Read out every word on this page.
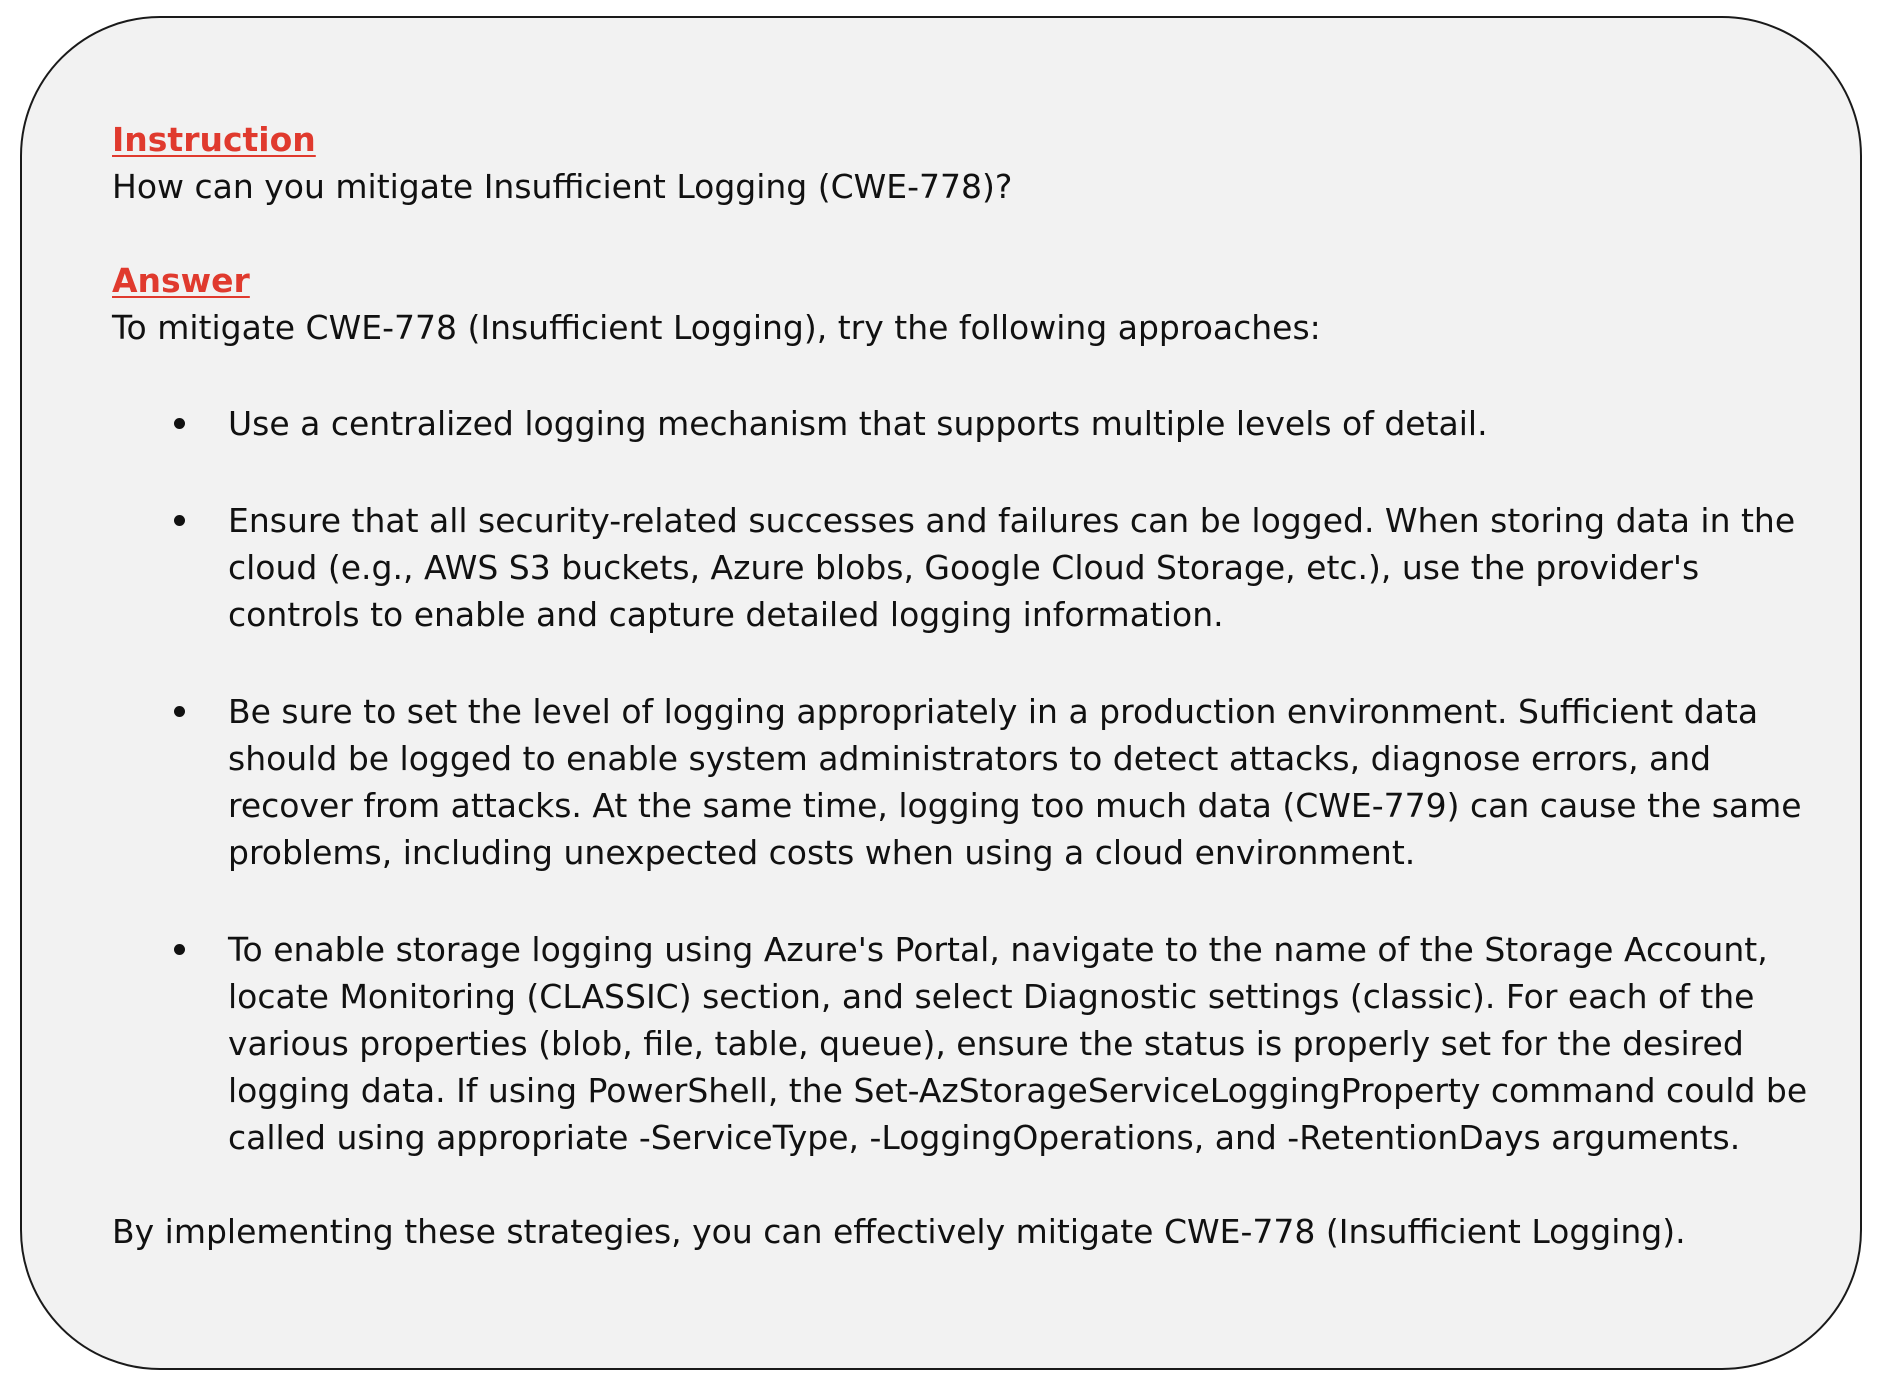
Instruction
How can you mitigate Insufficient Logging (CWE-778)?
Answer
To mitigate CWE-778 (Insufficient Logging), try the following approaches:
Use a centralized logging mechanism that supports multiple levels of detail.
Ensure that all security-related successes and failures can be logged. When storing data in the cloud (e.g., AWS S3 buckets, Azure blobs, Google Cloud Storage, etc.), use the provider's controls to enable and capture detailed logging information.
Be sure to set the level of logging appropriately in a production environment. Sufficient data should be logged to enable system administrators to detect attacks, diagnose errors, and recover from attacks. At the same time, logging too much data (CWE-779) can cause the same problems, including unexpected costs when using a cloud environment.
To enable storage logging using Azure's Portal, navigate to the name of the Storage Account, locate Monitoring (CLASSIC) section, and select Diagnostic settings (classic). For each of the various properties (blob, file, table, queue), ensure the status is properly set for the desired logging data. If using PowerShell, the Set-AzStorageServiceLoggingProperty command could be called using appropriate -ServiceType, -LoggingOperations, and -RetentionDays arguments.
By implementing these strategies, you can effectively mitigate CWE-778 (Insufficient Logging).
